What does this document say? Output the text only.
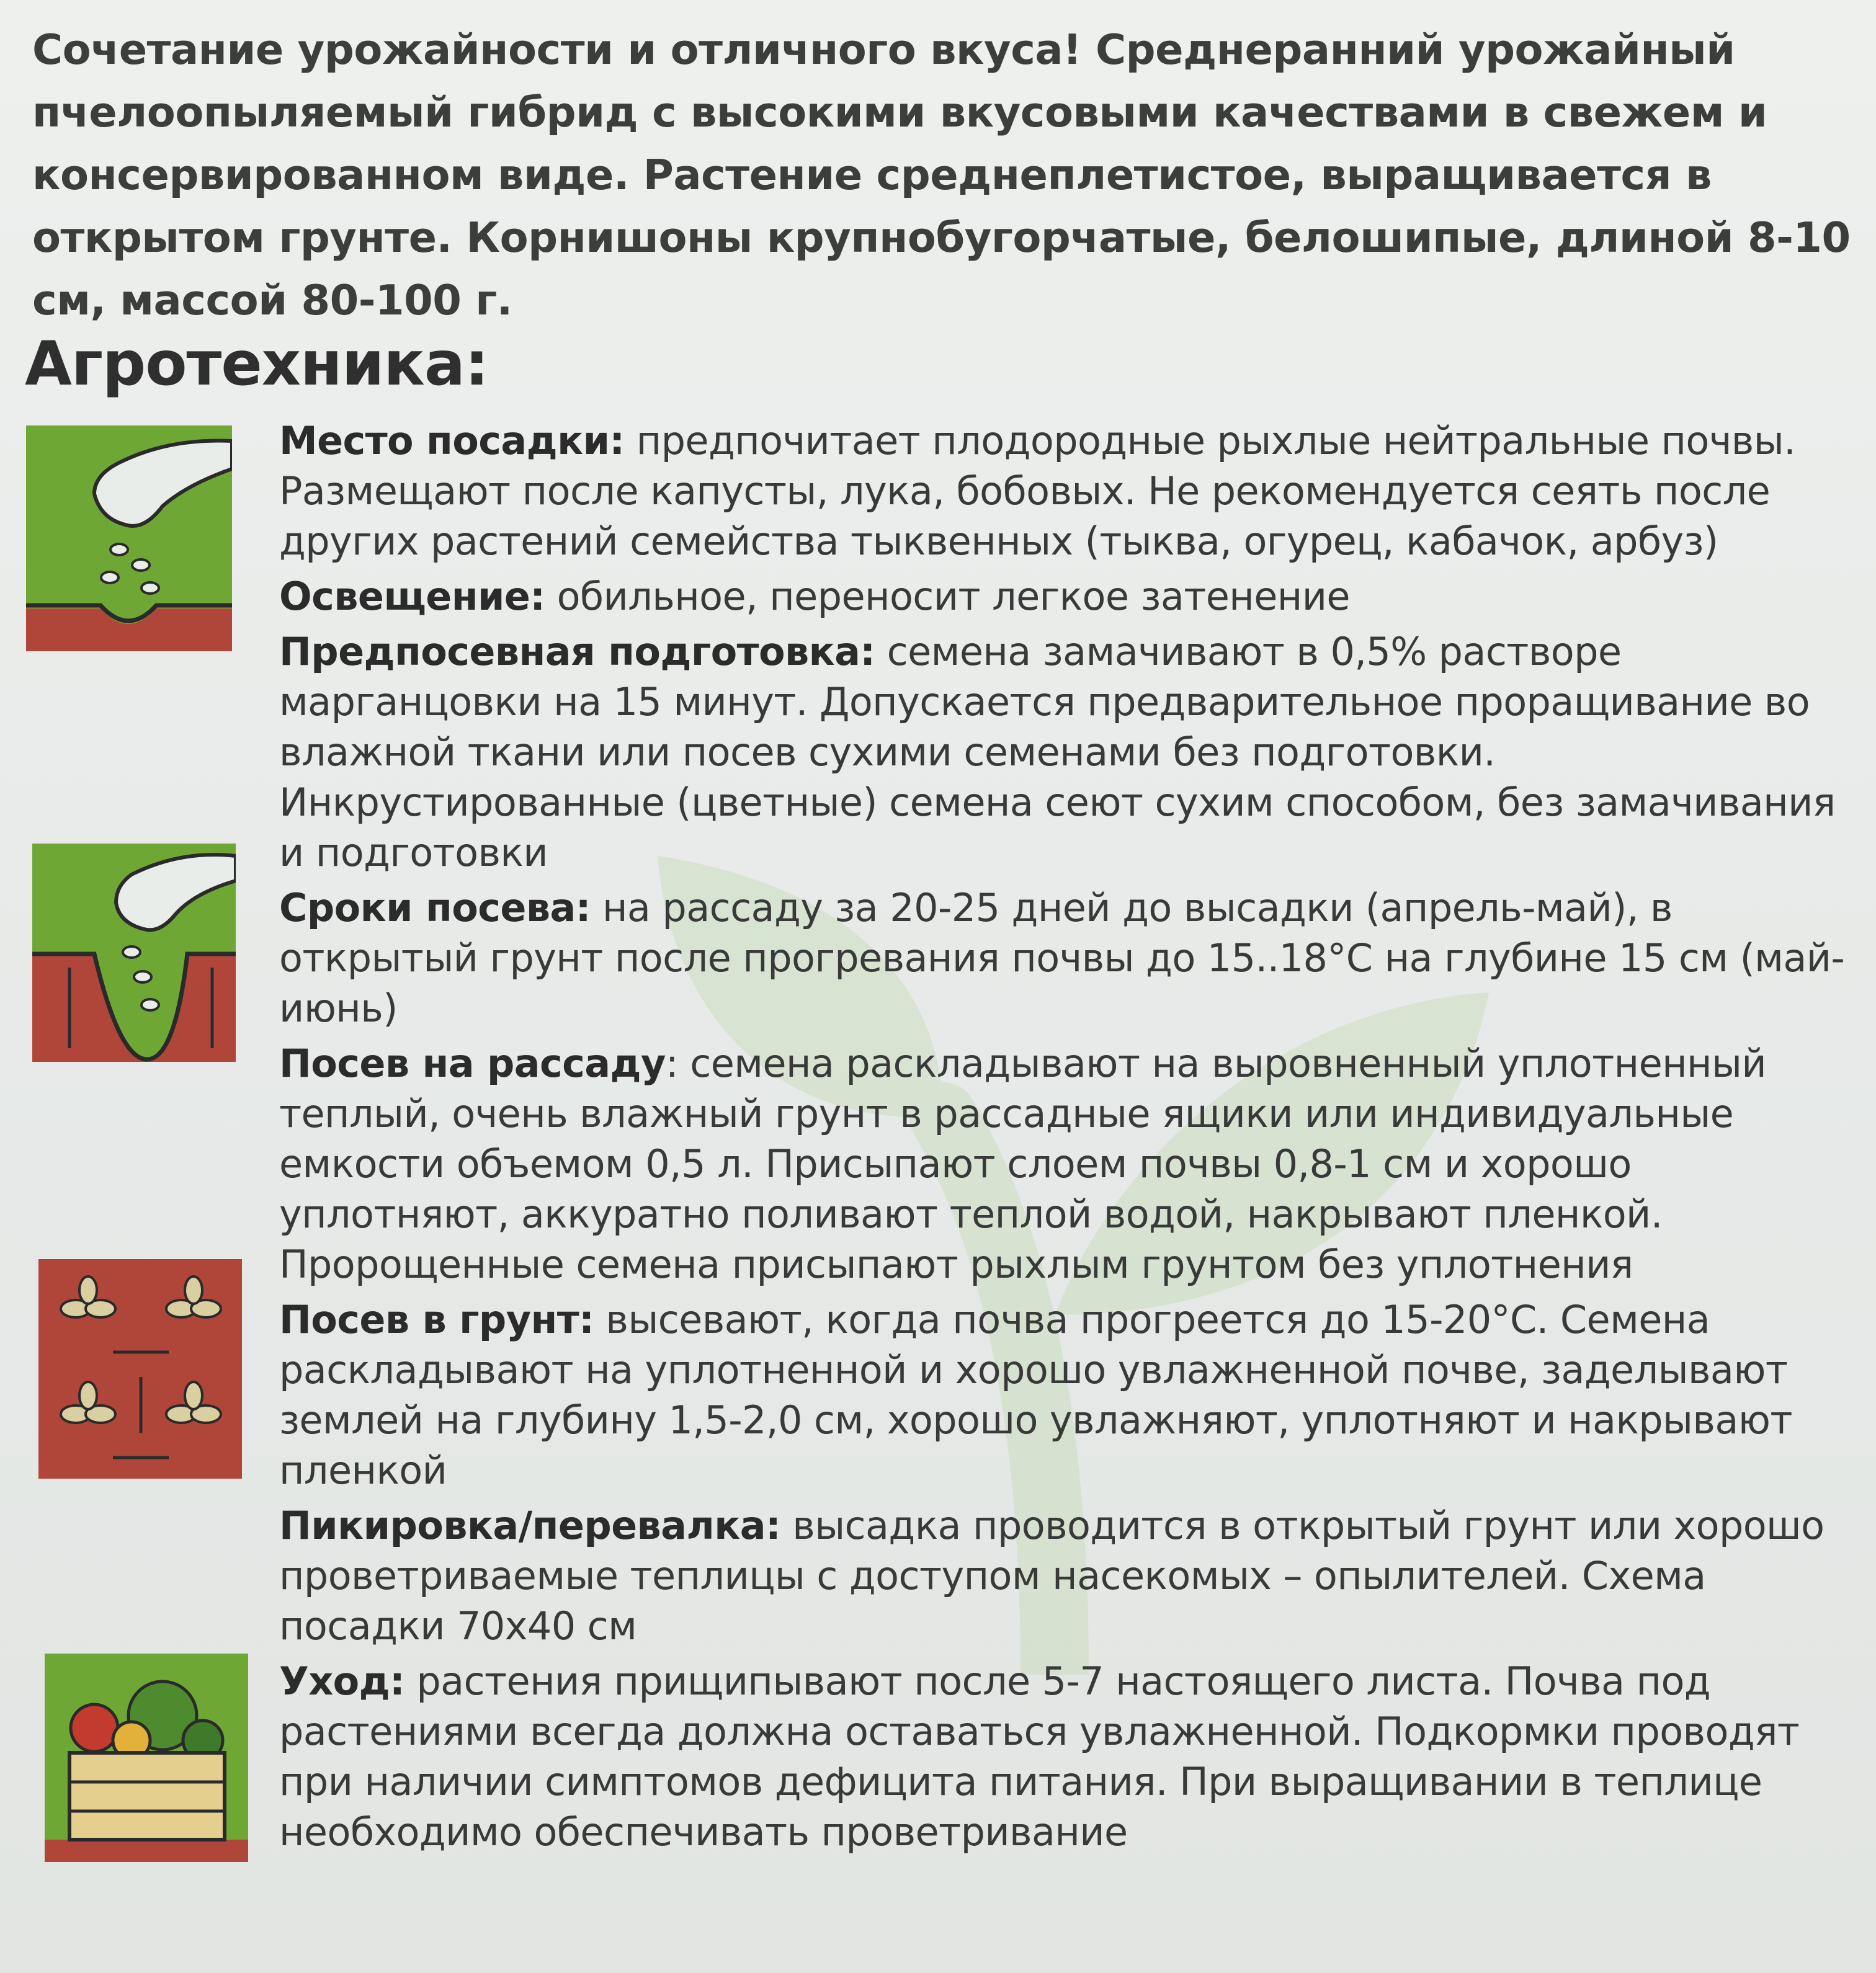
Сочетание урожайности и отличного вкуса! Среднеранний урожайный пчелоопыляемый гибрид с высокими вкусовыми качествами в свежем и консервированном виде. Растение среднеплетистое, выращивается в открытом грунте. Корнишоны крупнобугорчатые, белошипые, длиной 8-10 см, массой 80-100 г.
Агротехника:
Место посадки: предпочитает плодородные рыхлые нейтральные почвы. Размещают после капусты, лука, бобовых. Не рекомендуется сеять после других растений семейства тыквенных (тыква, огурец, кабачок, арбуз)
Освещение: обильное, переносит легкое затенение
Предпосевная подготовка: семена замачивают в 0,5% растворе марганцовки на 15 минут. Допускается предварительное проращивание во влажной ткани или посев сухими семенами без подготовки. Инкрустированные (цветные) семена сеют сухим способом, без замачивания и подготовки
Сроки посева: на рассаду за 20-25 дней до высадки (апрель-май), в открытый грунт после прогревания почвы до 15..18°С на глубине 15 см (май-июнь)
Посев на рассаду: семена раскладывают на выровненный уплотненный теплый, очень влажный грунт в рассадные ящики или индивидуальные емкости объемом 0,5 л. Присыпают слоем почвы 0,8-1 см и хорошо уплотняют, аккуратно поливают теплой водой, накрывают пленкой. Пророщенные семена присыпают рыхлым грунтом без уплотнения
Посев в грунт: высевают, когда почва прогреется до 15-20°С. Семена раскладывают на уплотненной и хорошо увлажненной почве, заделывают землей на глубину 1,5-2,0 см, хорошо увлажняют, уплотняют и накрывают пленкой
Пикировка/перевалка: высадка проводится в открытый грунт или хорошо проветриваемые теплицы с доступом насекомых – опылителей. Схема посадки 70х40 см
Уход: растения прищипывают после 5-7 настоящего листа. Почва под растениями всегда должна оставаться увлажненной. Подкормки проводят при наличии симптомов дефицита питания. При выращивании в теплице необходимо обеспечивать проветривание
